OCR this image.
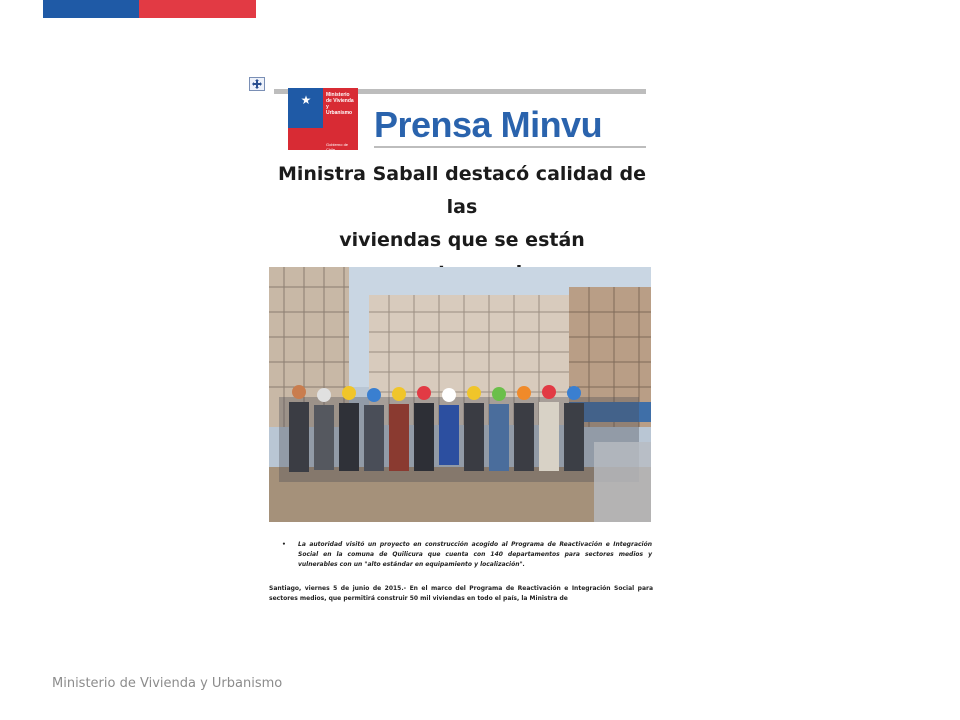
★	Ministerio de Vivienda y Urbanismo
Gobierno de Chile
Prensa Minvu
Ministra Saball destacó calidad de las
viviendas que se están
•	La autoridad visitó un proyecto en construcción acogido al Programa de Reactivación e Integración Social en la comuna de Quilicura que cuenta con 140 departamentos para sectores medios y vulnerables con un "alto estándar en equipamiento y localización".
Santiago, viernes 5 de junio de 2015.- En el marco del Programa de Reactivación e Integración Social para sectores medios, que permitirá construir 50 mil viviendas en todo el país, la Ministra de
Ministerio de Vivienda y Urbanismo
